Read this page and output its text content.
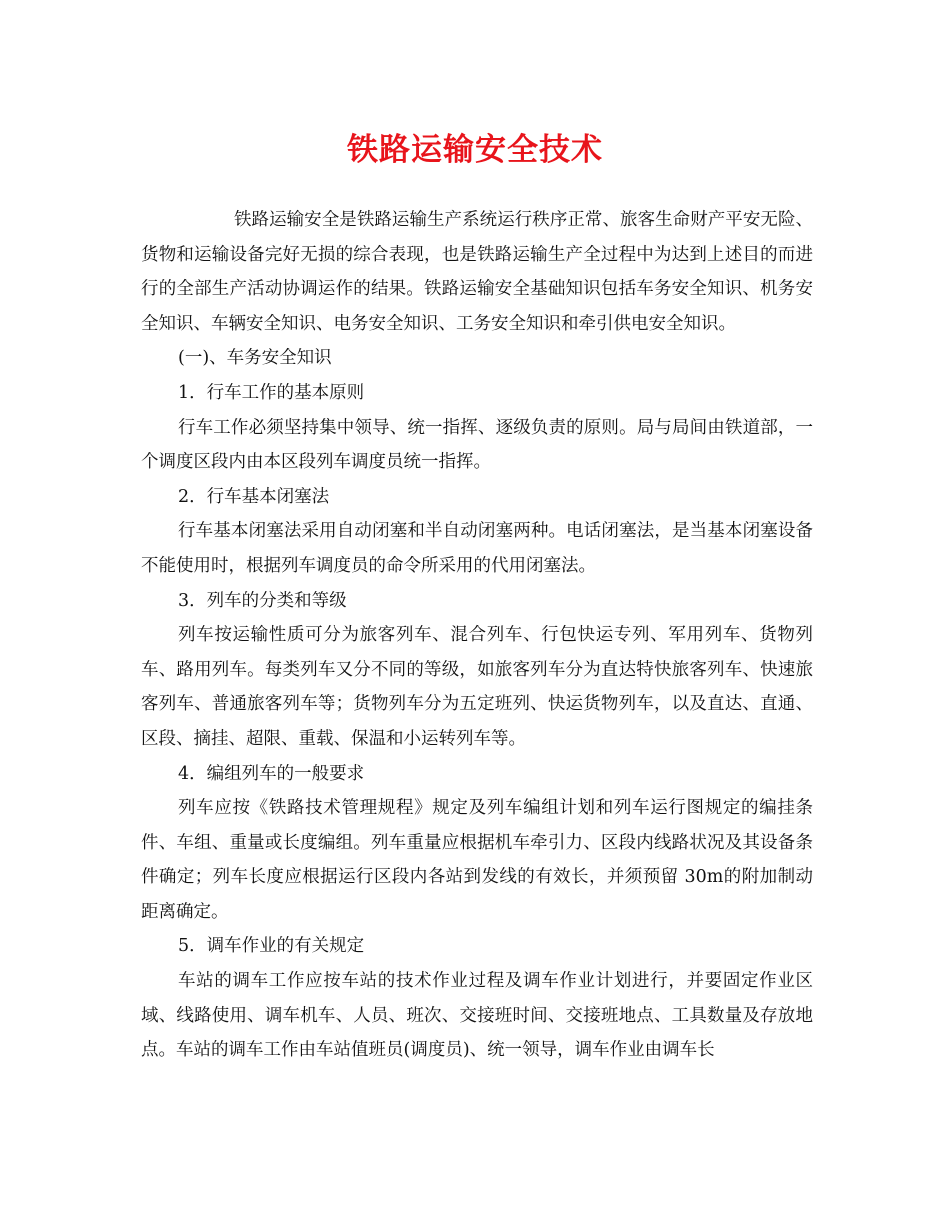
铁路运输安全技术

铁路运输安全是铁路运输生产系统运行秩序正常、旅客生命财产平安无险、货物和运输设备完好无损的综合表现，也是铁路运输生产全过程中为达到上述目的而进行的全部生产活动协调运作的结果。铁路运输安全基础知识包括车务安全知识、机务安全知识、车辆安全知识、电务安全知识、工务安全知识和牵引供电安全知识。

(一)、车务安全知识

1．行车工作的基本原则

行车工作必须坚持集中领导、统一指挥、逐级负责的原则。局与局间由铁道部，一个调度区段内由本区段列车调度员统一指挥。

2．行车基本闭塞法

行车基本闭塞法采用自动闭塞和半自动闭塞两种。电话闭塞法，是当基本闭塞设备不能使用时，根据列车调度员的命令所采用的代用闭塞法。

3．列车的分类和等级

列车按运输性质可分为旅客列车、混合列车、行包快运专列、军用列车、货物列车、路用列车。每类列车又分不同的等级，如旅客列车分为直达特快旅客列车、快速旅客列车、普通旅客列车等；货物列车分为五定班列、快运货物列车，以及直达、直通、区段、摘挂、超限、重载、保温和小运转列车等。

4．编组列车的一般要求

列车应按《铁路技术管理规程》规定及列车编组计划和列车运行图规定的编挂条件、车组、重量或长度编组。列车重量应根据机车牵引力、区段内线路状况及其设备条件确定；列车长度应根据运行区段内各站到发线的有效长，并须预留 30m的附加制动距离确定。

5．调车作业的有关规定

车站的调车工作应按车站的技术作业过程及调车作业计划进行，并要固定作业区域、线路使用、调车机车、人员、班次、交接班时间、交接班地点、工具数量及存放地点。车站的调车工作由车站值班员(调度员)、统一领导，调车作业由调车长
